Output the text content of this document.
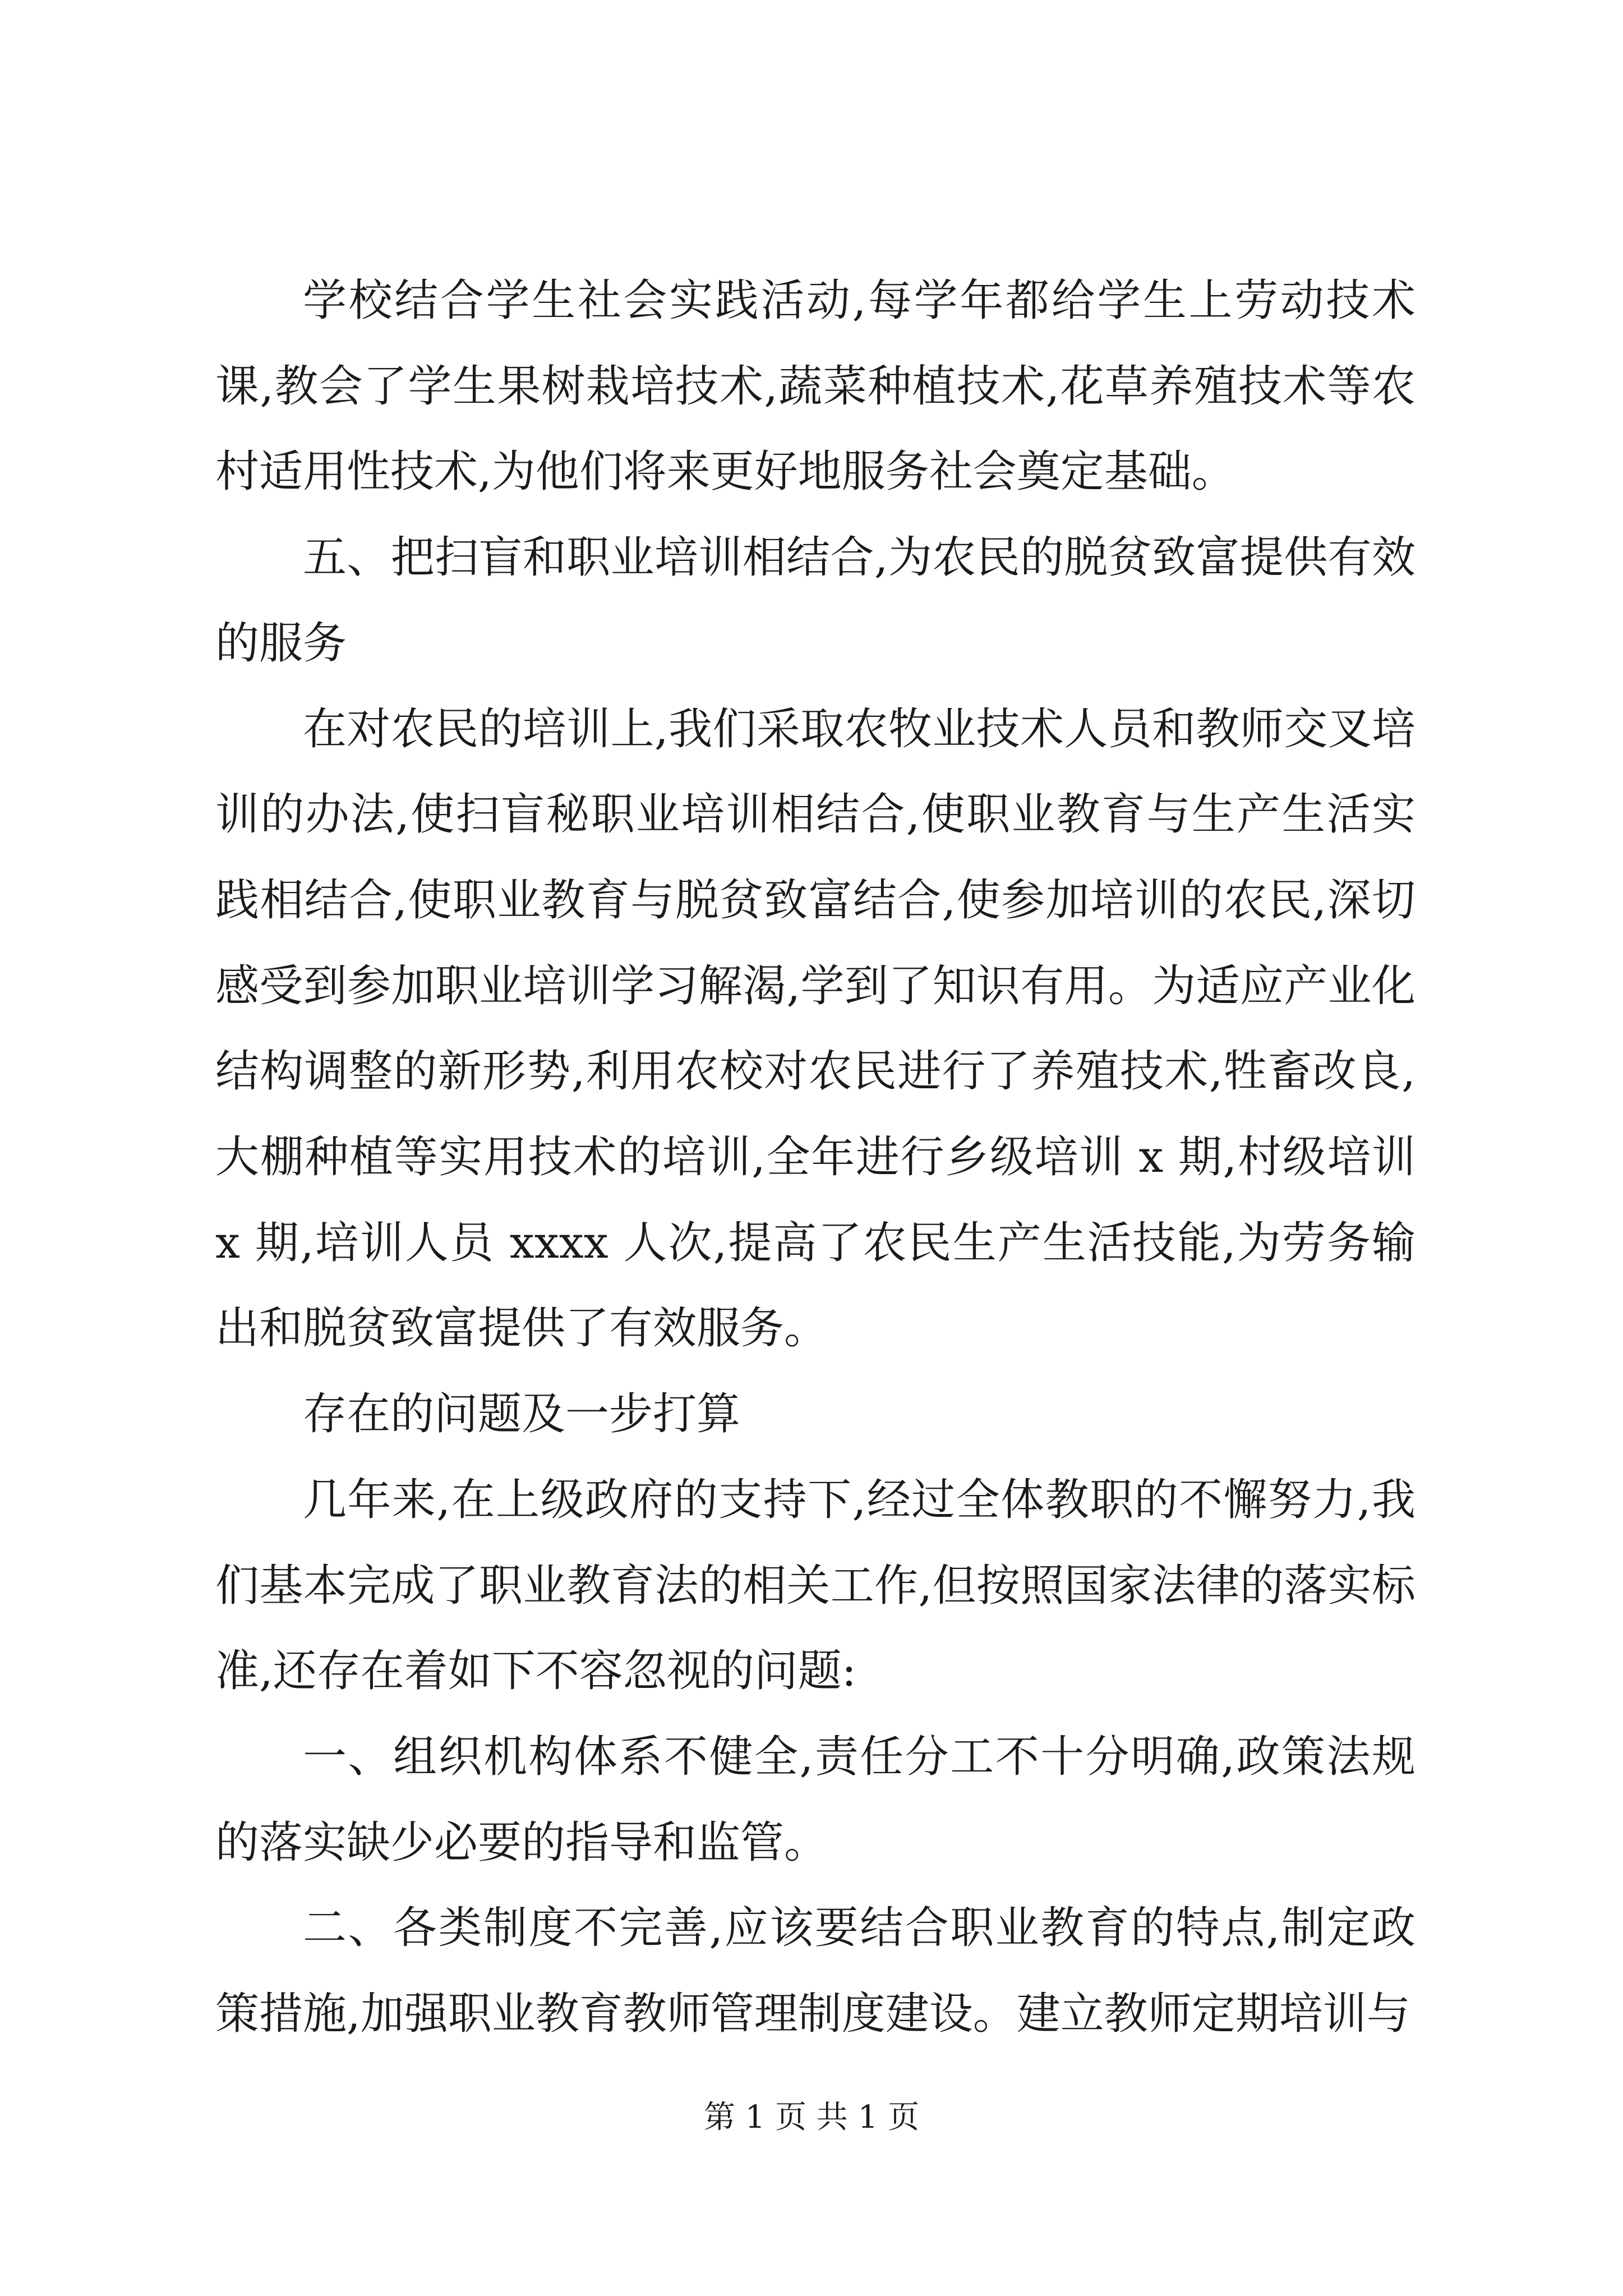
学校结合学生社会实践活动,每学年都给学生上劳动技术课,教会了学生果树栽培技术,蔬菜种植技术,花草养殖技术等农村适用性技术,为他们将来更好地服务社会奠定基础。

五、把扫盲和职业培训相结合,为农民的脱贫致富提供有效的服务

在对农民的培训上,我们采取农牧业技术人员和教师交叉培训的办法,使扫盲秘职业培训相结合,使职业教育与生产生活实践相结合,使职业教育与脱贫致富结合,使参加培训的农民,深切感受到参加职业培训学习解渴,学到了知识有用。为适应产业化结构调整的新形势,利用农校对农民进行了养殖技术,牲畜改良,大棚种植等实用技术的培训,全年进行乡级培训 x 期,村级培训 x 期,培训人员 xxxx 人次,提高了农民生产生活技能,为劳务输出和脱贫致富提供了有效服务。

存在的问题及一步打算

几年来,在上级政府的支持下,经过全体教职的不懈努力,我们基本完成了职业教育法的相关工作,但按照国家法律的落实标准,还存在着如下不容忽视的问题:

一、组织机构体系不健全,责任分工不十分明确,政策法规的落实缺少必要的指导和监管。

二、各类制度不完善,应该要结合职业教育的特点,制定政策措施,加强职业教育教师管理制度建设。建立教师定期培训与

第 1 页 共 1 页
